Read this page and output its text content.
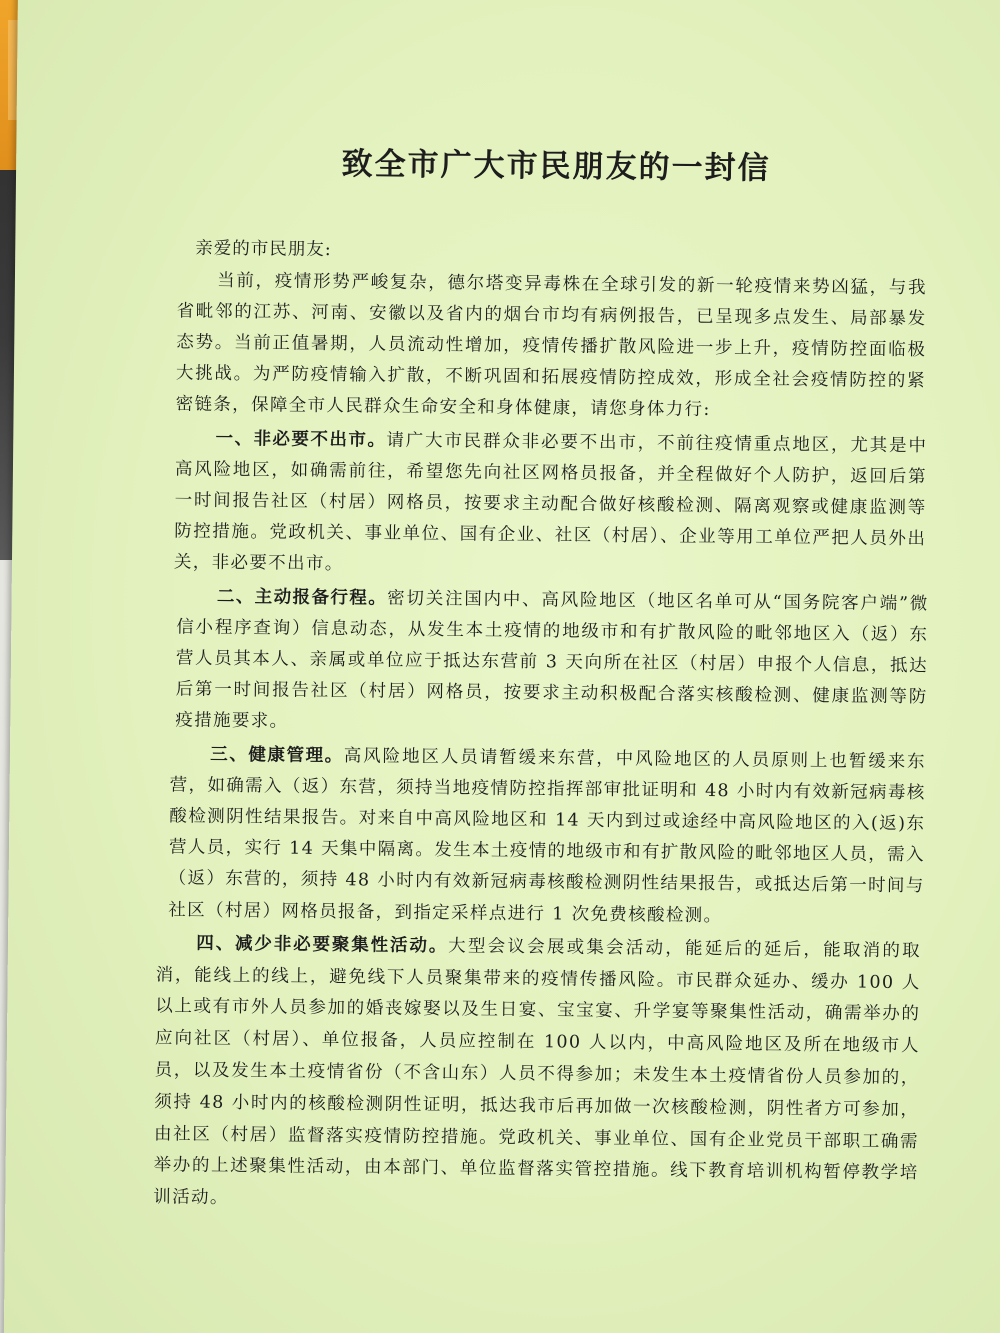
致全市广大市民朋友的一封信

亲爱的市民朋友:

当前，疫情形势严峻复杂，德尔塔变异毒株在全球引发的新一轮疫情来势凶猛，与我省毗邻的江苏、河南、安徽以及省内的烟台市均有病例报告，已呈现多点发生、局部暴发态势。当前正值暑期，人员流动性增加，疫情传播扩散风险进一步上升，疫情防控面临极大挑战。为严防疫情输入扩散，不断巩固和拓展疫情防控成效，形成全社会疫情防控的紧密链条，保障全市人民群众生命安全和身体健康，请您身体力行:

一、非必要不出市。请广大市民群众非必要不出市，不前往疫情重点地区，尤其是中高风险地区，如确需前往，希望您先向社区网格员报备，并全程做好个人防护，返回后第一时间报告社区（村居）网格员，按要求主动配合做好核酸检测、隔离观察或健康监测等防控措施。党政机关、事业单位、国有企业、社区（村居）、企业等用工单位严把人员外出关，非必要不出市。

二、主动报备行程。密切关注国内中、高风险地区（地区名单可从“国务院客户端”微信小程序查询）信息动态，从发生本土疫情的地级市和有扩散风险的毗邻地区入（返）东营人员其本人、亲属或单位应于抵达东营前 3 天向所在社区（村居）申报个人信息，抵达后第一时间报告社区（村居）网格员，按要求主动积极配合落实核酸检测、健康监测等防疫措施要求。

三、健康管理。高风险地区人员请暂缓来东营，中风险地区的人员原则上也暂缓来东营，如确需入（返）东营，须持当地疫情防控指挥部审批证明和 48 小时内有效新冠病毒核酸检测阴性结果报告。对来自中高风险地区和 14 天内到过或途经中高风险地区的入(返)东营人员，实行 14 天集中隔离。发生本土疫情的地级市和有扩散风险的毗邻地区人员，需入（返）东营的，须持 48 小时内有效新冠病毒核酸检测阴性结果报告，或抵达后第一时间与社区（村居）网格员报备，到指定采样点进行 1 次免费核酸检测。

四、减少非必要聚集性活动。大型会议会展或集会活动，能延后的延后，能取消的取消，能线上的线上，避免线下人员聚集带来的疫情传播风险。市民群众延办、缓办 100 人以上或有市外人员参加的婚丧嫁娶以及生日宴、宝宝宴、升学宴等聚集性活动，确需举办的应向社区（村居）、单位报备，人员应控制在 100 人以内，中高风险地区及所在地级市人员，以及发生本土疫情省份（不含山东）人员不得参加；未发生本土疫情省份人员参加的，须持 48 小时内的核酸检测阴性证明，抵达我市后再加做一次核酸检测，阴性者方可参加，由社区（村居）监督落实疫情防控措施。党政机关、事业单位、国有企业党员干部职工确需举办的上述聚集性活动，由本部门、单位监督落实管控措施。线下教育培训机构暂停教学培训活动。
